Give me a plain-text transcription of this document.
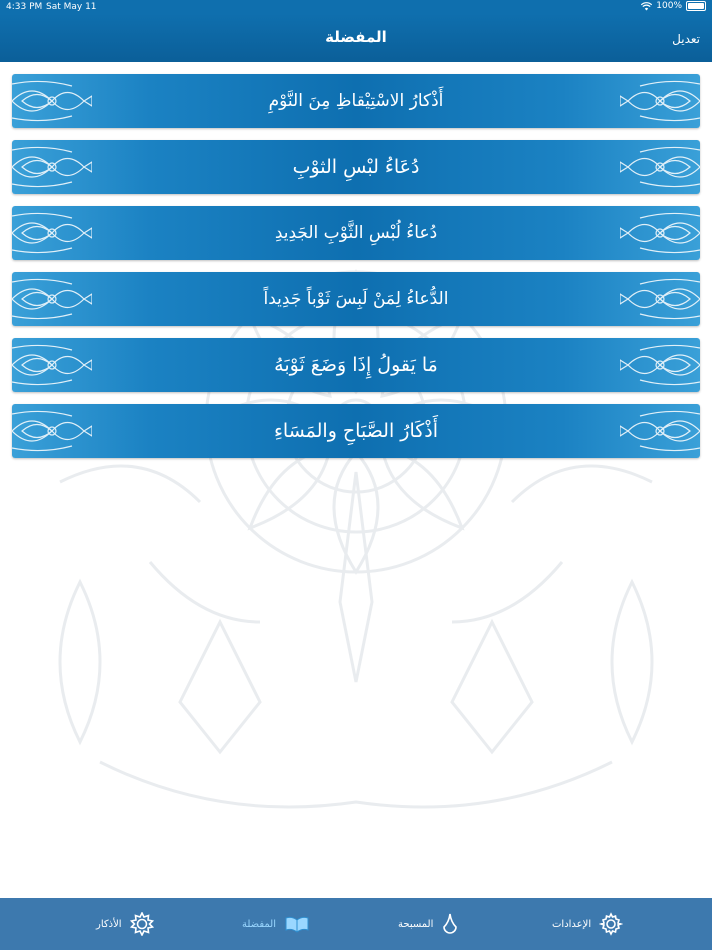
4:33 PM Sat May 11	100%
المفضلة	تعديل
أَذْكارُ الاسْتِيْقاظِ مِنَ النَّوْمِ
دُعَاءُ لبْسِ الثوْبِ
دُعاءُ لُبْسِ الثَّوْبِ الجَدِيدِ
الدُّعاءُ لِمَنْ لَبِسَ ثَوْباً جَدِيداً
مَا يَقولُ إِذَا وَضَعَ ثَوْبَهُ
أَذْكَارُ الصَّبَاحِ والمَسَاءِ
الإعدادات
المسبحة
المفضلة
الأذكار
